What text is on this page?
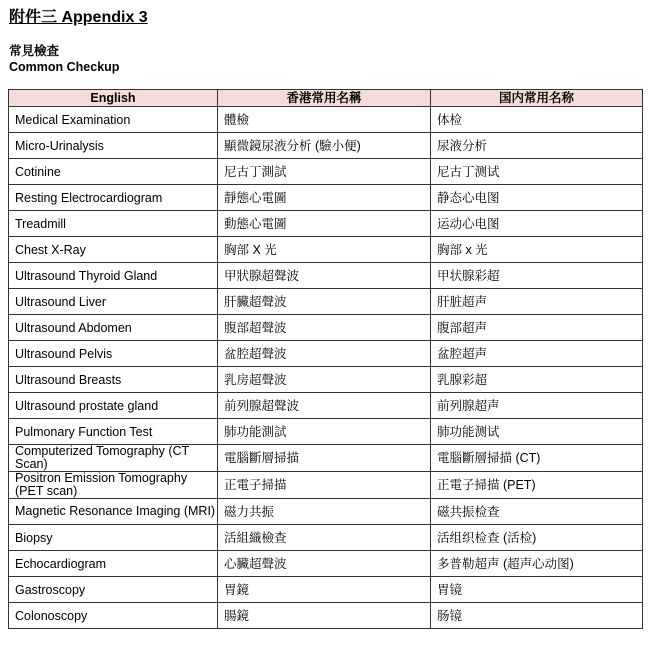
附件三 Appendix 3
常見檢查
Common Checkup
English	香港常用名稱	国内常用名称
Medical Examination	體檢	体检
Micro-Urinalysis	顯微鏡尿液分析 (驗小便)	尿液分析
Cotinine	尼古丁測試	尼古丁测试
Resting Electrocardiogram	靜態心電圖	静态心电图
Treadmill	動態心電圖	运动心电图
Chest X-Ray	胸部 X 光	胸部 x 光
Ultrasound Thyroid Gland	甲狀腺超聲波	甲状腺彩超
Ultrasound Liver	肝臟超聲波	肝脏超声
Ultrasound Abdomen	腹部超聲波	腹部超声
Ultrasound Pelvis	盆腔超聲波	盆腔超声
Ultrasound Breasts	乳房超聲波	乳腺彩超
Ultrasound prostate gland	前列腺超聲波	前列腺超声
Pulmonary Function Test	肺功能測試	肺功能测试
Computerized Tomography (CT Scan)	電腦斷層掃描	電腦斷層掃描 (CT)
Positron Emission Tomography (PET scan)	正電子掃描	正電子掃描 (PET)
Magnetic Resonance Imaging (MRI)	磁力共振	磁共振检查
Biopsy	活組織檢查	活组织检查 (活检)
Echocardiogram	心臟超聲波	多普勒超声 (超声心动图)
Gastroscopy	胃鏡	胃镜
Colonoscopy	腸鏡	肠镜
